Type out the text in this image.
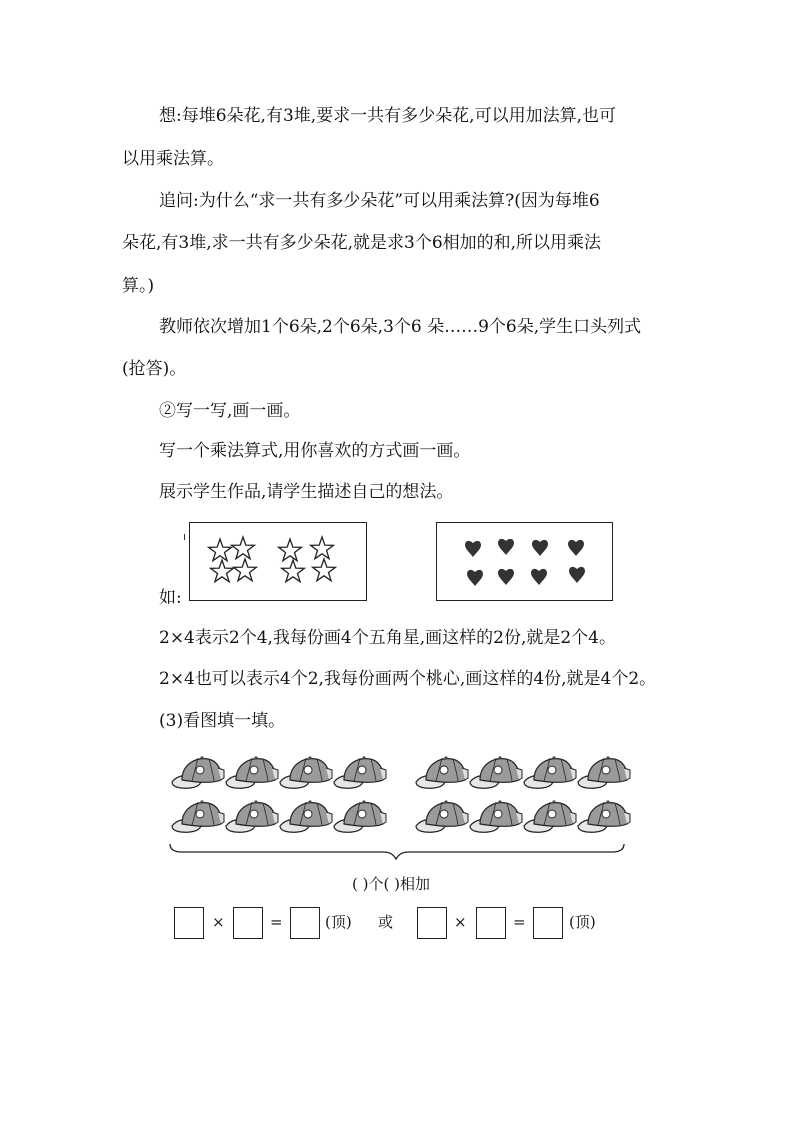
想:每堆6朵花,有3堆,要求一共有多少朵花,可以用加法算,也可
以用乘法算。
追问:为什么“求一共有多少朵花”可以用乘法算?(因为每堆6
朵花,有3堆,求一共有多少朵花,就是求3个6相加的和,所以用乘法
算。)
教师依次增加1个6朵,2个6朵,3个6 朵……9个6朵,学生口头列式
(抢答)。
②写一写,画一画。
写一个乘法算式,用你喜欢的方式画一画。
展示学生作品,请学生描述自己的想法。
如:
2×4表示2个4,我每份画4个五角星,画这样的2份,就是2个4。
2×4也可以表示4个2,我每份画两个桃心,画这样的4份,就是4个2。
(3)看图填一填。
( )个( )相加
×	=	(顶) 或	×	=	(顶)
